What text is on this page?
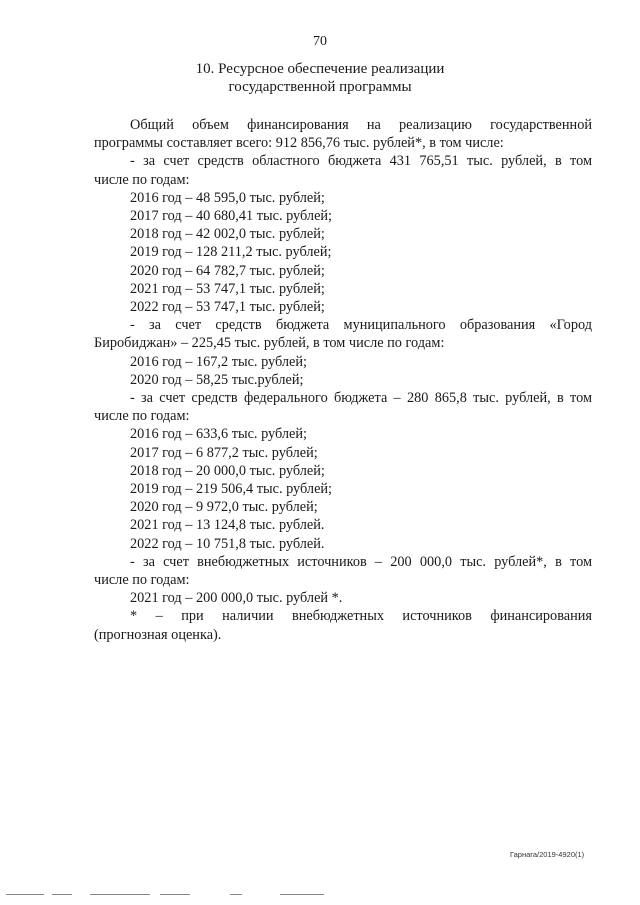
70
10. Ресурсное обеспечение реализации
государственной программы

Общий объем финансирования на реализацию государственной

программы составляет всего: 912 856,76 тыс. рублей*, в том числе:

- за счет средств областного бюджета 431 765,51 тыс. рублей, в том

числе по годам:

2016 год – 48 595,0 тыс. рублей;

2017 год – 40 680,41 тыс. рублей;

2018 год – 42 002,0 тыс. рублей;

2019 год – 128 211,2 тыс. рублей;

2020 год – 64 782,7 тыс. рублей;

2021 год – 53 747,1 тыс. рублей;

2022 год – 53 747,1 тыс. рублей;

- за счет средств бюджета муниципального образования «Город

Биробиджан» – 225,45 тыс. рублей, в том числе по годам:

2016 год – 167,2 тыс. рублей;

2020 год – 58,25 тыс.рублей;

- за счет средств федерального бюджета – 280 865,8 тыс. рублей, в том

числе по годам:

2016 год – 633,6 тыс. рублей;

2017 год – 6 877,2 тыс. рублей;

2018 год – 20 000,0 тыс. рублей;

2019 год – 219 506,4 тыс. рублей;

2020 год – 9 972,0 тыс. рублей;

2021 год – 13 124,8 тыс. рублей.

2022 год – 10 751,8 тыс. рублей.

- за счет внебюджетных источников – 200 000,0 тыс. рублей*, в том

числе по годам:

2021 год – 200 000,0 тыс. рублей *.

* – при наличии внебюджетных источников финансирования

(прогнозная оценка).

Гарнага/2019-4920(1)
